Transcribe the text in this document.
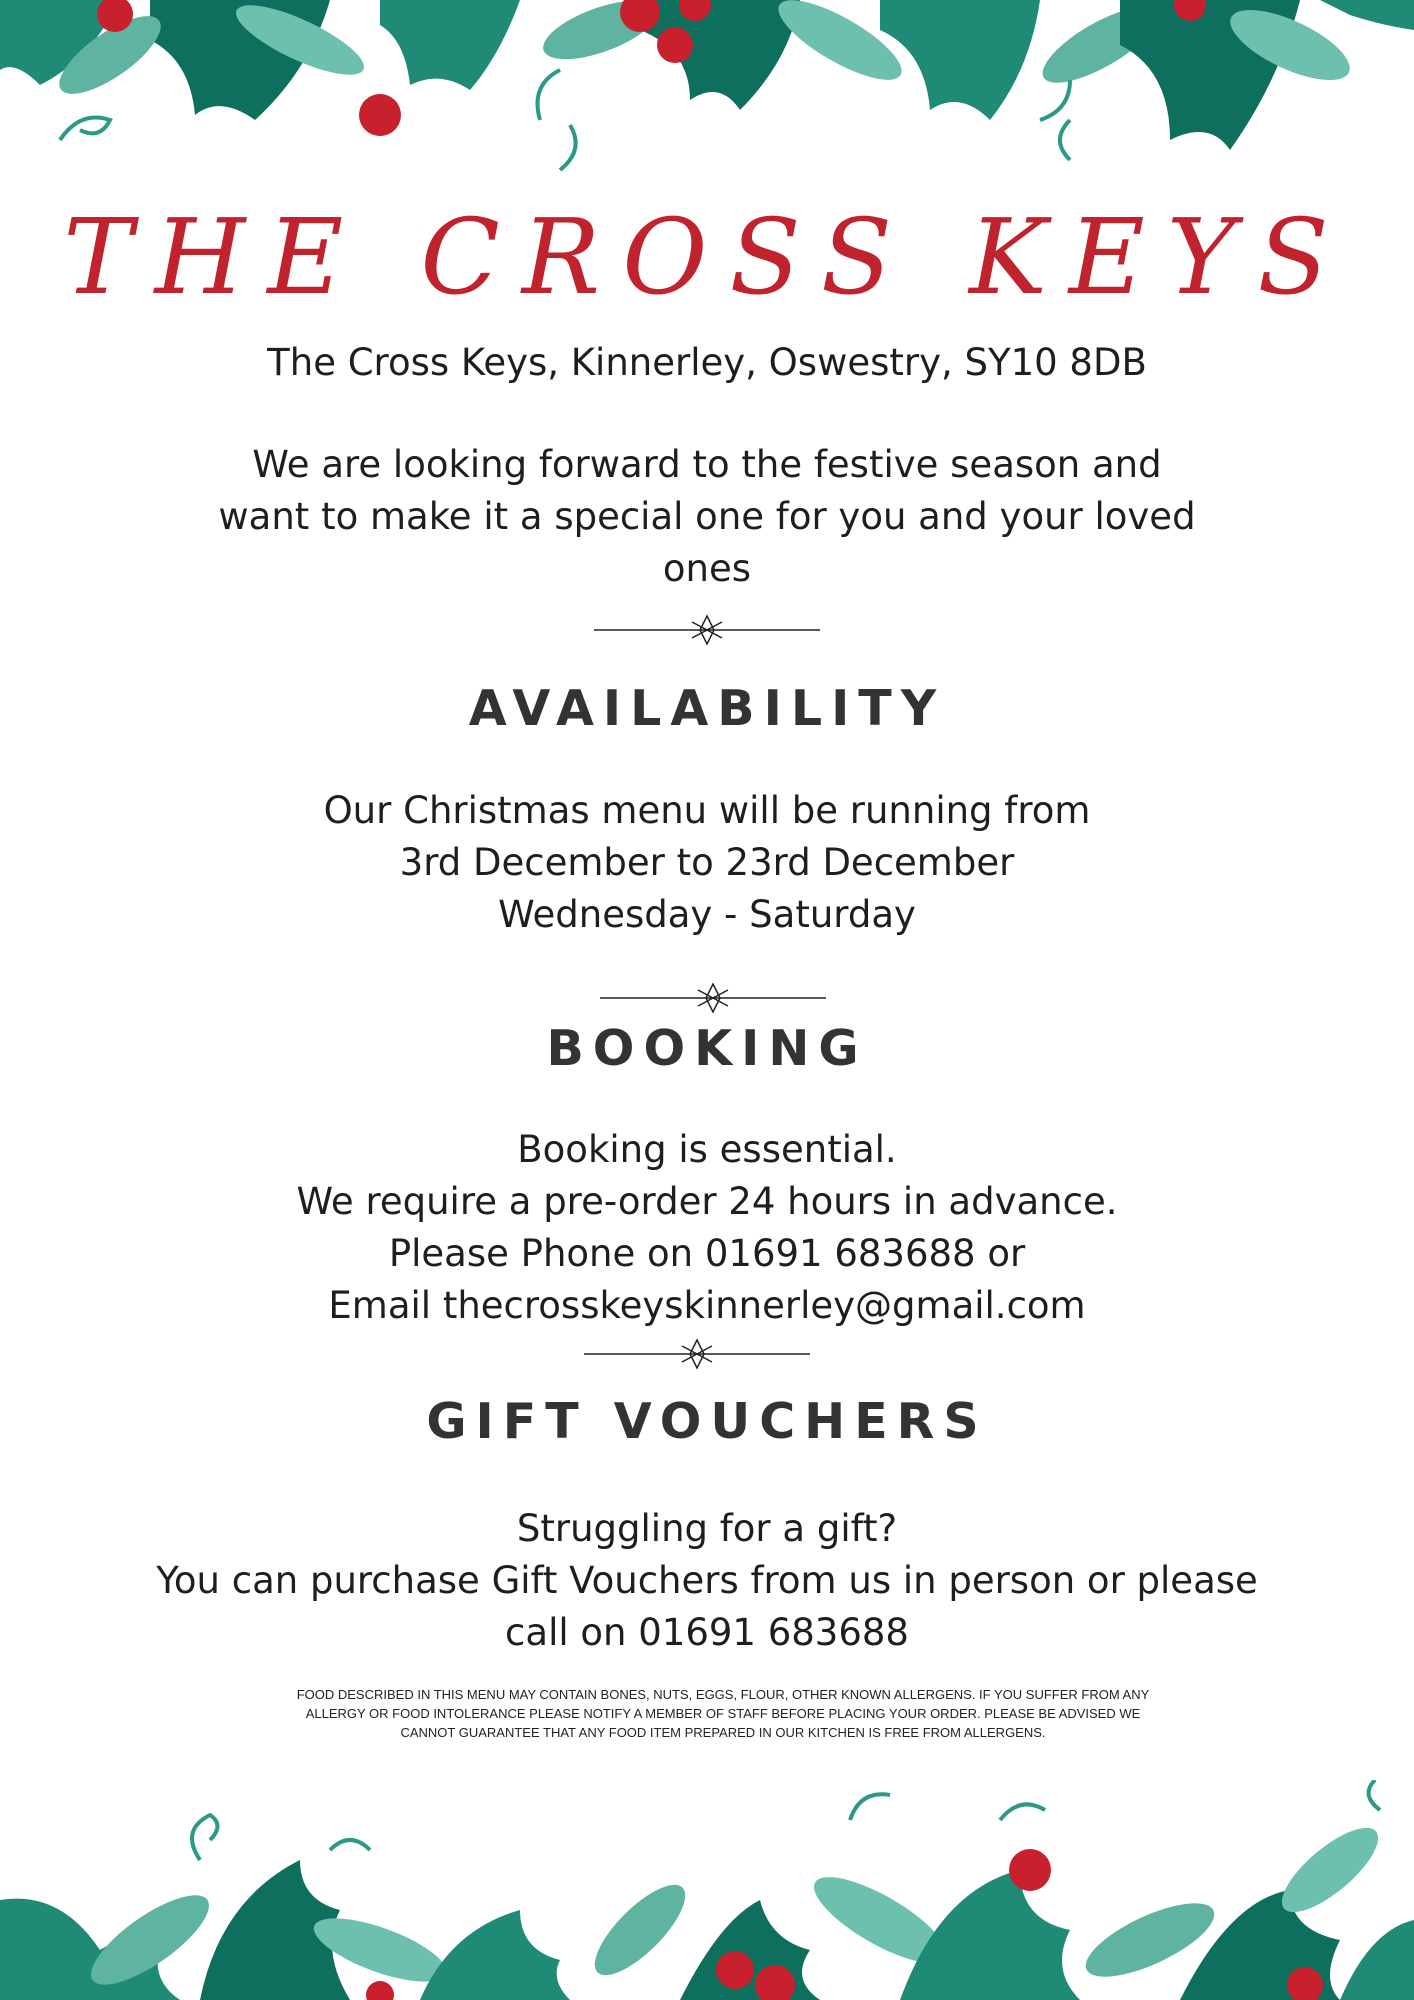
THE CROSS KEYS

The Cross Keys, Kinnerley, Oswestry, SY10 8DB

We are looking forward to the festive season and

want to make it a special one for you and your loved

ones

AVAILABILITY

Our Christmas menu will be running from

3rd December to 23rd December

Wednesday - Saturday

BOOKING

Booking is essential.

We require a pre-order 24 hours in advance.

Please Phone on 01691 683688 or

Email thecrosskeyskinnerley@gmail.com

GIFT VOUCHERS

Struggling for a gift?

You can purchase Gift Vouchers from us in person or please

call on 01691 683688

FOOD DESCRIBED IN THIS MENU MAY CONTAIN BONES, NUTS, EGGS, FLOUR, OTHER KNOWN ALLERGENS. IF YOU SUFFER FROM ANY ALLERGY OR FOOD INTOLERANCE PLEASE NOTIFY A MEMBER OF STAFF BEFORE PLACING YOUR ORDER. PLEASE BE ADVISED WE CANNOT GUARANTEE THAT ANY FOOD ITEM PREPARED IN OUR KITCHEN IS FREE FROM ALLERGENS.
